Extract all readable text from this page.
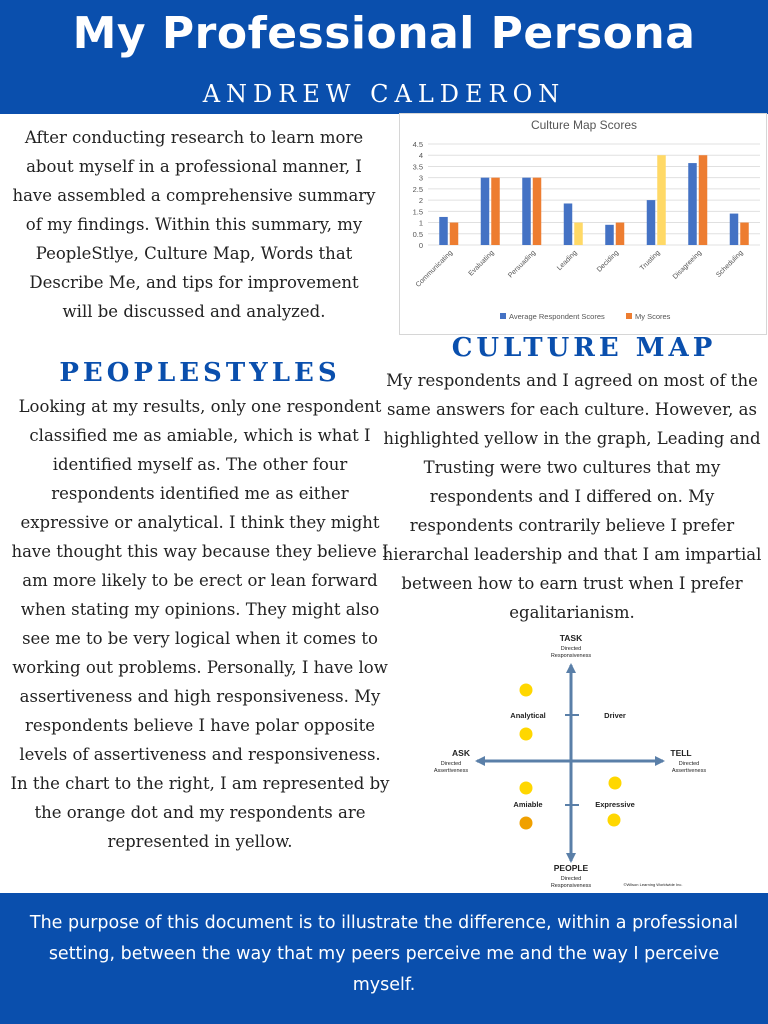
My Professional Persona
ANDREW CALDERON
After conducting research to learn more about myself in a professional manner, I have assembled a comprehensive summary of my findings. Within this summary, my PeopleStlye, Culture Map, Words that Describe Me, and tips for improvement will be discussed and analyzed.
PEOPLESTYLES
Looking at my results, only one respondent classified me as amiable, which is what I identified myself as. The other four respondents identified me as either expressive or analytical. I think they might have thought this way because they believe I am more likely to be erect or lean forward when stating my opinions. They might also see me to be very logical when it comes to working out problems. Personally, I have low assertiveness and high responsiveness. My respondents believe I have polar opposite levels of assertiveness and responsiveness. In the chart to the right, I am represented by the orange dot and my respondents are represented in yellow.
Culture Map Scores
0
0.5
1
1.5
2
2.5
3
3.5
4
4.5
Communicating Evaluating Persuading	Leading Deciding	Trusting Disagreeing Scheduling
Average Respondent Scores	My Scores
CULTURE MAP
My respondents and I agreed on most of the same answers for each culture. However, as highlighted yellow in the graph, Leading and Trusting were two cultures that my respondents and I differed on. My respondents contrarily believe I prefer hierarchal leadership and that I am impartial between how to earn trust when I prefer egalitarianism.
TASK
Directed
Responsiveness
PEOPLE
Directed
Responsiveness
ASK
Directed
Assertiveness
TELL
Directed
Assertiveness
Analytical	Driver
Amiable	Expressive
©Wilson Learning Worldwide Inc.
The purpose of this document is to illustrate the difference, within a professional setting, between the way that my peers perceive me and the way I perceive myself.
